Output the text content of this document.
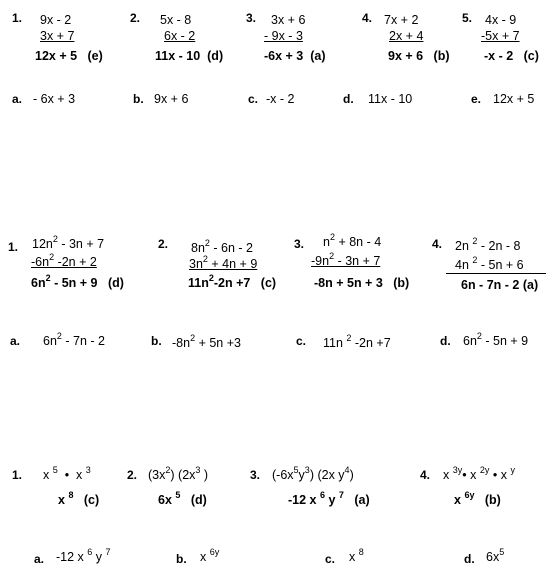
1. 9x - 2
3x + 7
12x + 5 (e)
2. 5x - 8
6x - 2
11x - 10 (d)
3. 3x + 6
- 9x - 3
-6x + 3 (a)
4. 7x + 2
2x + 4
9x + 6 (b)
5. 4x - 9
-5x + 7
-x - 2 (c)
a. - 6x + 3	b. 9x + 6	c. -x - 2	d. 11x - 10	e. 12x + 5
1. $12n^2 - 3n + 7$
$-6n^2$ -2n + 2
$6n^2 - 5n + 9$ (d)
2. $8n^2 - 6n - 2$
$3n^2 + 4n + 9$
$11n^2-2n +7$ (c)
3. $n^2 + 8n - 4$
$-9n^2 - 3n + 7$
-8n + 5n + 3 (b)
4. 2n $^2$ - 2n - 8
4n $^2$ - 5n + 6
6n - 7n - 2 (a)
a. $6n^2 - 7n - 2$	b. $-8n^2 + 5n +3$	c. 11n $^2$ -2n +7	d. $6n^2 - 5n + 9$
1. x $^5$ • x $^3$
x $^8$ (c)
2. $(3x^2)$ ($2x^3$ )
6x $^5$ (d)
3. $(-6x^5y^3)$ (2x $y^4$)
-12 x $^6$ y $^7$ (a)
4. x $^{3y}$• x $^{2y}$ • x $^y$
x $^{6y}$ (b)
a. -12 x $^6$ y $^7$	b. x $^{6y}$	c. x $^8$	d. $6x^5$
